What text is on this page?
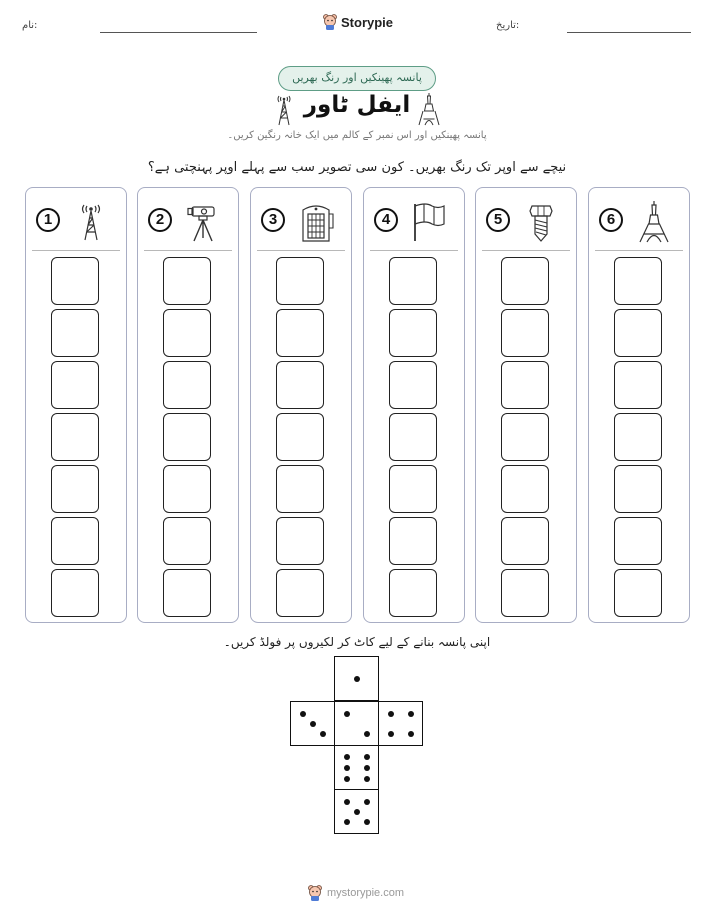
نام:	Storypie	تاریخ:
پانسہ پھینکیں اور رنگ بھریں
ایفل ٹاور
پانسہ پھینکیں اور اس نمبر کے کالم میں ایک خانہ رنگین کریں۔
نیچے سے اوپر تک رنگ بھریں۔ کون سی تصویر سب سے پہلے اوپر پہنچتی ہے؟
1	2	3	4	5	6
اپنی پانسہ بنانے کے لیے کاٹ کر لکیروں پر فولڈ کریں۔
mystorypie.com
